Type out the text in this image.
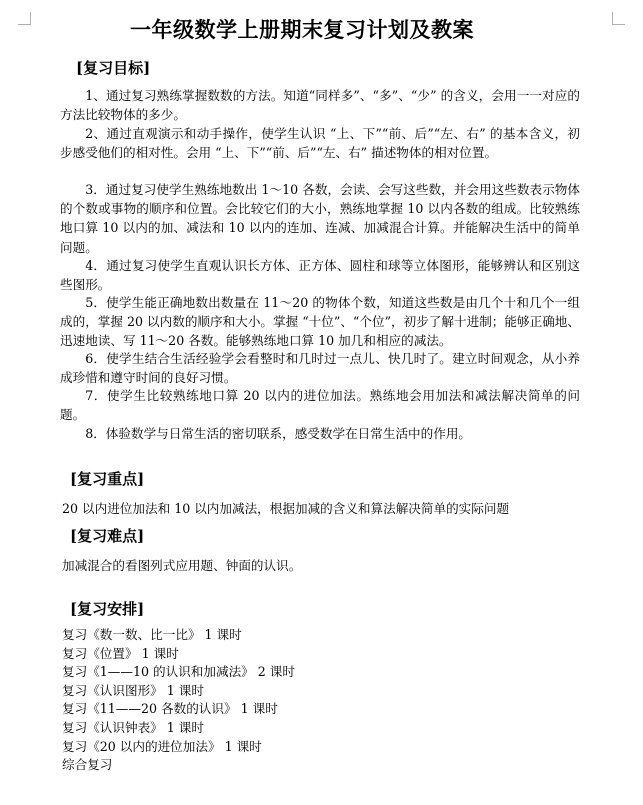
一年级数学上册期末复习计划及教案
[复习目标]

1、通过复习熟练掌握数数的方法。知道“同样多”、“多”、“少” 的含义，会用一一对应的方法比较物体的多少。

2、通过直观演示和动手操作，使学生认识 “上、下”“前、后”“左、右” 的基本含义，初步感受他们的相对性。会用 “上、下”“前、后”“左、右” 描述物体的相对位置。

3．通过复习使学生熟练地数出 1～10 各数，会读、会写这些数，并会用这些数表示物体的个数或事物的顺序和位置。会比较它们的大小，熟练地掌握 10 以内各数的组成。比较熟练地口算 10 以内的加、减法和 10 以内的连加、连减、加减混合计算。并能解决生活中的简单问题。

4．通过复习使学生直观认识长方体、正方体、圆柱和球等立体图形，能够辨认和区别这些图形。

5．使学生能正确地数出数量在 11～20 的物体个数，知道这些数是由几个十和几个一组成的，掌握 20 以内数的顺序和大小。掌握 “十位”、“个位”，初步了解十进制；能够正确地、迅速地读、写 11～20 各数。能够熟练地口算 10 加几和相应的减法。

6．使学生结合生活经验学会看整时和几时过一点儿、快几时了。建立时间观念，从小养成珍惜和遵守时间的良好习惯。

7．使学生比较熟练地口算 20 以内的进位加法。熟练地会用加法和减法解决简单的问题。

8．体验数学与日常生活的密切联系，感受数学在日常生活中的作用。

[复习重点]

20 以内进位加法和 10 以内加减法，根据加减的含义和算法解决简单的实际问题

[复习难点]

加减混合的看图列式应用题、钟面的认识。

[复习安排]
复习《数一数、比一比》 1 课时
复习《位置》 1 课时
复习《1——10 的认识和加减法》 2 课时
复习《认识图形》 1 课时
复习《11——20 各数的认识》 1 课时
复习《认识钟表》 1 课时
复习《20 以内的进位加法》 1 课时
综合复习
